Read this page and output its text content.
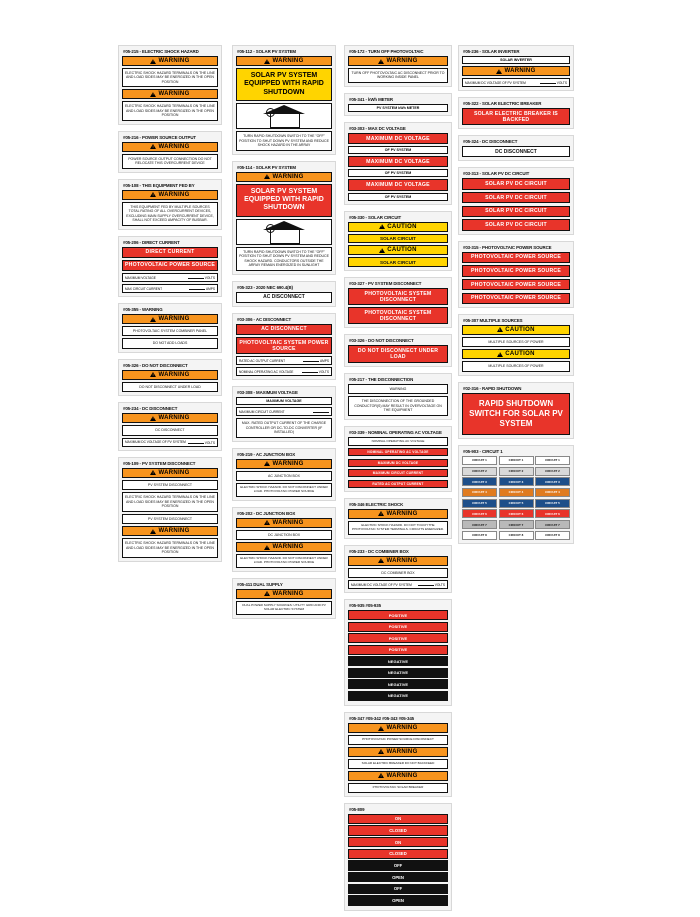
#05-215 - ELECTRIC SHOCK HAZARD
!
WARNING
ELECTRIC SHOCK HAZARD TERMINALS ON THE LINE AND LOAD SIDES MAY BE ENERGIZED IN THE OPEN POSITION
!
WARNING
ELECTRIC SHOCK HAZARD TERMINALS ON THE LINE AND LOAD SIDES MAY BE ENERGIZED IN THE OPEN POSITION
#05-216 - POWER SOURCE OUTPUT
!
WARNING
POWER SOURCE OUTPUT CONNECTION DO NOT RELOCATE THIS OVERCURRENT DEVICE
#05-108 - THIS EQUIPMENT FED BY
!
WARNING
THIS EQUIPMENT FED BY MULTIPLE SOURCES TOTAL RATING OF ALL OVERCURRENT DEVICES, EXCLUDING MAIN SUPPLY OVERCURRENT DEVICE, SHALL NOT EXCEED AMPACITY OF BUSBAR.
#05-206 - DIRECT CURRENT
DIRECT CURRENT
PHOTOVOLTAIC POWER SOURCE
MAXIMUM VOLTAGE	VOLTS
MAX CIRCUIT CURRENT	AMPS
#05-355 - WARNING
!
WARNING
PHOTOVOLTAIC SYSTEM COMBINER PANEL
DO NOT ADD LOADS
#05-326 - DO NOT DISCONNECT
!
WARNING
DO NOT DISCONNECT UNDER LOAD
#05-234 - DC DISCONNECT
!
WARNING
DC DISCONNECT
MAXIMUM DC VOLTAGE OF PV SYSTEM	VOLTS
#05-109 - PV SYSTEM DISCONNECT
!
WARNING
PV SYSTEM DISCONNECT
ELECTRIC SHOCK HAZARD TERMINALS ON THE LINE AND LOAD SIDES MAY BE ENERGIZED IN THE OPEN POSITION
PV SYSTEM DISCONNECT
!
WARNING
ELECTRIC SHOCK HAZARD TERMINALS ON THE LINE AND LOAD SIDES MAY BE ENERGIZED IN THE OPEN POSITION
#05-112 - SOLAR PV SYSTEM
!
WARNING
SOLAR PV SYSTEM EQUIPPED WITH RAPID SHUTDOWN
TURN RAPID SHUTDOWN SWITCH TO THE "OFF" POSITION TO SHUT DOWN PV SYSTEM AND REDUCE SHOCK HAZARD IN THE ARRAY
#05-114 - SOLAR PV SYSTEM
!
WARNING
SOLAR PV SYSTEM EQUIPPED WITH RAPID SHUTDOWN
TURN RAPID SHUTDOWN SWITCH TO THE "OFF" POSITION TO SHUT DOWN PV SYSTEM AND REDUCE SHOCK HAZARD. CONDUCTORS OUTSIDE THE ARRAY REMAIN ENERGIZED IN SUNLIGHT
#05-323 - 2020 NEC 690.4(B)
AC DISCONNECT
#03-306 - AC DISCONNECT
AC DISCONNECT
PHOTOVOLTAIC SYSTEM POWER SOURCE
RATED AC OUTPUT CURRENT	AMPS
NOMINAL OPERATING AC VOLTAGE	VOLTS
#03-308 - MAXIMUM VOLTAGE
MAXIMUM VOLTAGE
MAXIMUM CIRCUIT CURRENT
MAX. RATED OUTPUT CURRENT OF THE CHARGE CONTROLLER OR DC-TO-DC CONVERTER (IF INSTALLED)
#05-219 - AC JUNCTION BOX
!
WARNING
AC JUNCTION BOX
ELECTRIC SHOCK HAZARD. DO NOT DISCONNECT UNDER LOAD. PHOTOVOLTAIC POWER SOURCE
#05-202 - DC JUNCTION BOX
!
WARNING
DC JUNCTION BOX
!
WARNING
ELECTRIC SHOCK HAZARD. DO NOT DISCONNECT UNDER LOAD. PHOTOVOLTAIC POWER SOURCE
#05-411 DUAL SUPPLY
!
WARNING
DUAL POWER SUPPLY SOURCES: UTILITY GRID AND PV SOLAR ELECTRIC SYSTEM
#05-172 - TURN OFF PHOTOVOLTAIC
!
WARNING
TURN OFF PHOTOVOLTAIC AC DISCONNECT PRIOR TO WORKING INSIDE PANEL
#05-341 - kWh METER
PV SYSTEM kWh METER
#03-303 - MAX DC VOLTAGE
MAXIMUM DC VOLTAGE
OF PV SYSTEM
MAXIMUM DC VOLTAGE
OF PV SYSTEM
MAXIMUM DC VOLTAGE
OF PV SYSTEM
#05-330 - SOLAR CIRCUIT
!
CAUTION
SOLAR CIRCUIT
!
CAUTION
SOLAR CIRCUIT
#03-327 - PV SYSTEM DISCONNECT
PHOTOVOLTAIC SYSTEM DISCONNECT
PHOTOVOLTAIC SYSTEM DISCONNECT
#03-326 - DO NOT DISCONNECT
DO NOT DISCONNECT UNDER LOAD
#05-217 - THE DISCONNECTION
WARNING
THE DISCONNECTION OF THE GROUNDED CONDUCTOR(S) MAY RESULT IN OVERVOLTAGE ON THE EQUIPMENT
#03-339 - NOMINAL OPERATING AC VOLTAGE
NOMINAL OPERATING AC VOLTAGE
NOMINAL OPERATING AC VOLTAGE
MAXIMUM DC VOLTAGE
MAXIMUM CIRCUIT CURRENT
RATED AC OUTPUT CURRENT
#05-346 ELECTRIC SHOCK
!
WARNING
ELECTRIC SHOCK HAZARD. DO NOT TOUCH THE PHOTOVOLTAIC SYSTEM TERMINALS. CIRCUITS ENERGIZED.
#05-233 - DC COMBINER BOX
!
WARNING
DC COMBINER BOX
MAXIMUM DC VOLTAGE OF PV SYSTEM	VOLTS
#05-935 #05-935
POSITIVE
POSITIVE
POSITIVE
POSITIVE
NEGATIVE
NEGATIVE
NEGATIVE
NEGATIVE
#05-347 #05-342 #05-343 #05-345
!
WARNING
PHOTOVOLTAIC POWER SOURCE DISCONNECT
!
WARNING
SOLAR ELECTRIC BREAKER DO NOT BACKFEED
!
WARNING
PHOTOVOLTAIC SOLAR BREAKER
#05-809
ON
CLOSED
ON
CLOSED
OFF
OPEN
OFF
OPEN
#05-236 - SOLAR INVERTER
SOLAR INVERTER
!
WARNING
MAXIMUM DC VOLTAGE OF PV SYSTEM	VOLTS
#05-322 - SOLAR ELECTRIC BREAKER
SOLAR ELECTRIC BREAKER IS BACKFED
#05-324 - DC DISCONNECT
DC DISCONNECT
#03-313 - SOLAR PV DC CIRCUIT
SOLAR PV DC CIRCUIT
SOLAR PV DC CIRCUIT
SOLAR PV DC CIRCUIT
SOLAR PV DC CIRCUIT
#03-315 - PHOTOVOLTAIC POWER SOURCE
PHOTOVOLTAIC POWER SOURCE
PHOTOVOLTAIC POWER SOURCE
PHOTOVOLTAIC POWER SOURCE
PHOTOVOLTAIC POWER SOURCE
#05-307 MULTIPLE SOURCES
!
CAUTION
MULTIPLE SOURCES OF POWER
!
CAUTION
MULTIPLE SOURCES OF POWER
#02-316 - RAPID SHUTDOWN
RAPID SHUTDOWN SWITCH FOR SOLAR PV SYSTEM
#05-903 - CIRCUIT 1
CIRCUIT 1	CIRCUIT 1	CIRCUIT 1
CIRCUIT 2	CIRCUIT 2	CIRCUIT 2
CIRCUIT 3	CIRCUIT 3	CIRCUIT 3
CIRCUIT 4	CIRCUIT 4	CIRCUIT 4
CIRCUIT 5	CIRCUIT 5	CIRCUIT 5
CIRCUIT 6	CIRCUIT 6	CIRCUIT 6
CIRCUIT 7	CIRCUIT 7	CIRCUIT 7
CIRCUIT 8	CIRCUIT 8	CIRCUIT 8
